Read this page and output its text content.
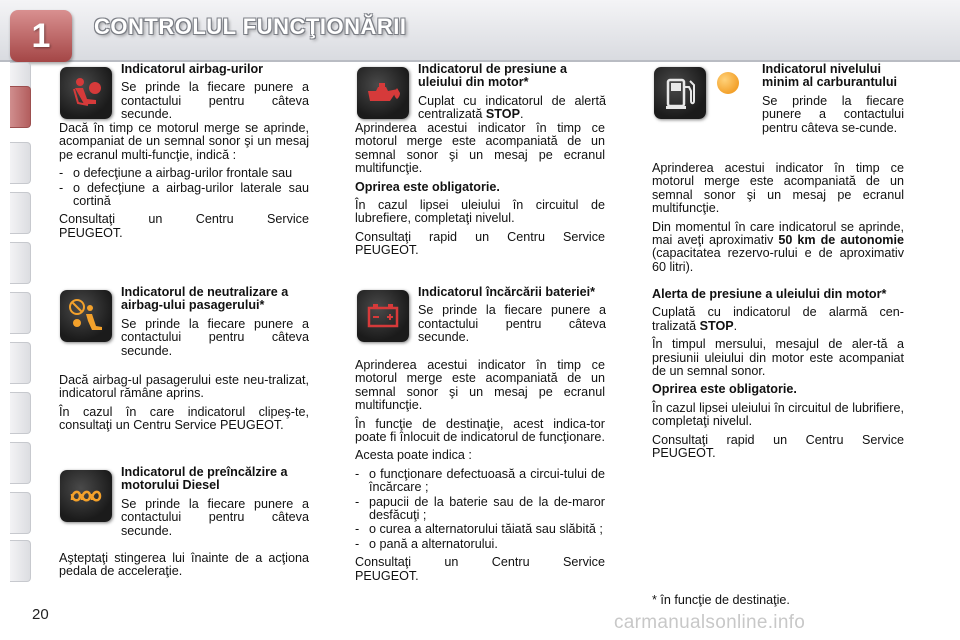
1	CONTROLUL FUNCŢIONĂRII
Indicatorul airbag-urilor

Se prinde la fiecare punere a contactului pentru câteva secunde.

Dacă în timp ce motorul merge se aprinde, acompaniat de un semnal sonor şi un mesaj pe ecranul multi-funcţie, indică :

- o defecţiune a airbag-urilor frontale sau
- o defecţiune a airbag-urilor laterale sau cortină

Consultaţi un Centru Service PEUGEOT.

Indicatorul de neutralizare a airbag-ului pasagerului*

Se prinde la fiecare punere a contactului pentru câteva secunde.

Dacă airbag-ul pasagerului este neu-tralizat, indicatorul rămâne aprins.

În cazul în care indicatorul clipeş-te, consultaţi un Centru Service PEUGEOT.

Indicatorul de preîncălzire a motorului Diesel

Se prinde la fiecare punere a contactului pentru câteva secunde.

Aşteptaţi stingerea lui înainte de a acţiona pedala de acceleraţie.

Indicatorul de presiune a uleiului din motor*

Cuplat cu indicatorul de alertă centralizată STOP.

Aprinderea acestui indicator în timp ce motorul merge este acompaniată de un semnal sonor şi un mesaj pe ecranul multifuncţie.

Oprirea este obligatorie.

În cazul lipsei uleiului în circuitul de lubrefiere, completaţi nivelul.

Consultaţi rapid un Centru Service PEUGEOT.

Indicatorul încărcării bateriei*

Se prinde la fiecare punere a contactului pentru câteva secunde.

Aprinderea acestui indicator în timp ce motorul merge este acompaniată de un semnal sonor şi un mesaj pe ecranul multifuncţie.

În funcţie de destinaţie, acest indica-tor poate fi înlocuit de indicatorul de funcţionare.

Acesta poate indica :

- o funcţionare defectuoasă a circui-tului de încărcare ;
- papucii de la baterie sau de la de-maror desfăcuţi ;
- o curea a alternatorului tăiată sau slăbită ;
- o pană a alternatorului.

Consultaţi un Centru Service PEUGEOT.

Indicatorul nivelului minim al carburantului

Se prinde la fiecare punere a contactului pentru câteva se-cunde.

Aprinderea acestui indicator în timp ce motorul merge este acompaniată de un semnal sonor şi un mesaj pe ecranul multifuncţie.

Din momentul în care indicatorul se aprinde, mai aveţi aproximativ 50 km de autonomie (capacitatea rezervo-rului e de aproximativ 60 litri).

Alerta de presiune a uleiului din motor*

Cuplată cu indicatorul de alarmă cen-tralizată STOP.

În timpul mersului, mesajul de aler-tă a presiunii uleiului din motor este acompaniat de un semnal sonor.

Oprirea este obligatorie.

În cazul lipsei uleiului în circuitul de lubrifiere, completaţi nivelul.

Consultaţi rapid un Centru Service PEUGEOT.

* în funcţie de destinaţie.
20	carmanualsonline.info
